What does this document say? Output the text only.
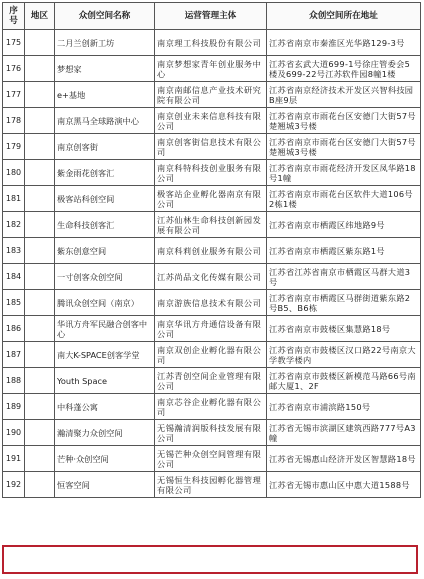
序号	地区	众创空间名称	运营管理主体	众创空间所在地址
175		二月兰创新工坊	南京理工科技股份有限公司	江苏省南京市秦淮区光华路129-3号
176		梦想家	南京梦想家青年创业服务中心	江苏省玄武大道699-1号徐庄管委会5楼及699-22号江苏软件园8幢1楼
177		e+基地	南京南邮信息产业技术研究院有限公司	江苏省南京经济技术开发区兴智科技园B座9层
178		南京黑马全球路演中心	南京创业未来信息科技有限公司	江苏省南京市雨花台区安德门大街57号楚翘城3号楼
179		南京创客街	南京创客街信息技术有限公司	江苏省南京市雨花台区安德门大街57号楚翘城3号楼
180		紫金雨花创客汇	南京科特科技创业服务有限公司	江苏省南京市雨花经济开发区凤华路18号1幢
181		极客站科创空间	极客站企业孵化器南京有限公司	江苏省南京市雨花台区软件大道106号2栋1楼
182		生命科技创客汇	江苏仙林生命科技创新园发展有限公司	江苏省南京市栖霞区纬地路9号
183		紫东创意空间	南京科莉创业服务有限公司	江苏省南京市栖霞区紫东路1号
184		一寸创客众创空间	江苏尚品文化传媒有限公司	江苏省江苏省南京市栖霞区马群大道3号
185		腾讯众创空间（南京）	南京游族信息技术有限公司	江苏省南京市栖霞区马群街道紫东路2号B5、B6栋
186		华讯方舟军民融合创客中心	南京华讯方舟通信设备有限公司	江苏省南京市鼓楼区集慧路18号
187		南大K-SPACE创客学堂	南京双创企业孵化器有限公司	江苏省南京市鼓楼区汉口路22号南京大学教学楼内
188		Youth Space	江苏青创空间企业管理有限公司	江苏省南京市鼓楼区新模范马路66号南邮大厦1、2F
189		中科蓬公寓	南京芯谷企业孵化器有限公司	江苏省南京市浦滨路150号
190		瀚清聚力众创空间	无锡瀚清润版科技发展有限公司	江苏省无锡市滨湖区建筑西路777号A3幢
191		芒种·众创空间	无锡芒种众创空间管理有限公司	江苏省无锡惠山经济开发区智慧路18号
192		恒客空间	无锡恒生科技园孵化器管理有限公司	江苏省无锡市惠山区中惠大道1588号
